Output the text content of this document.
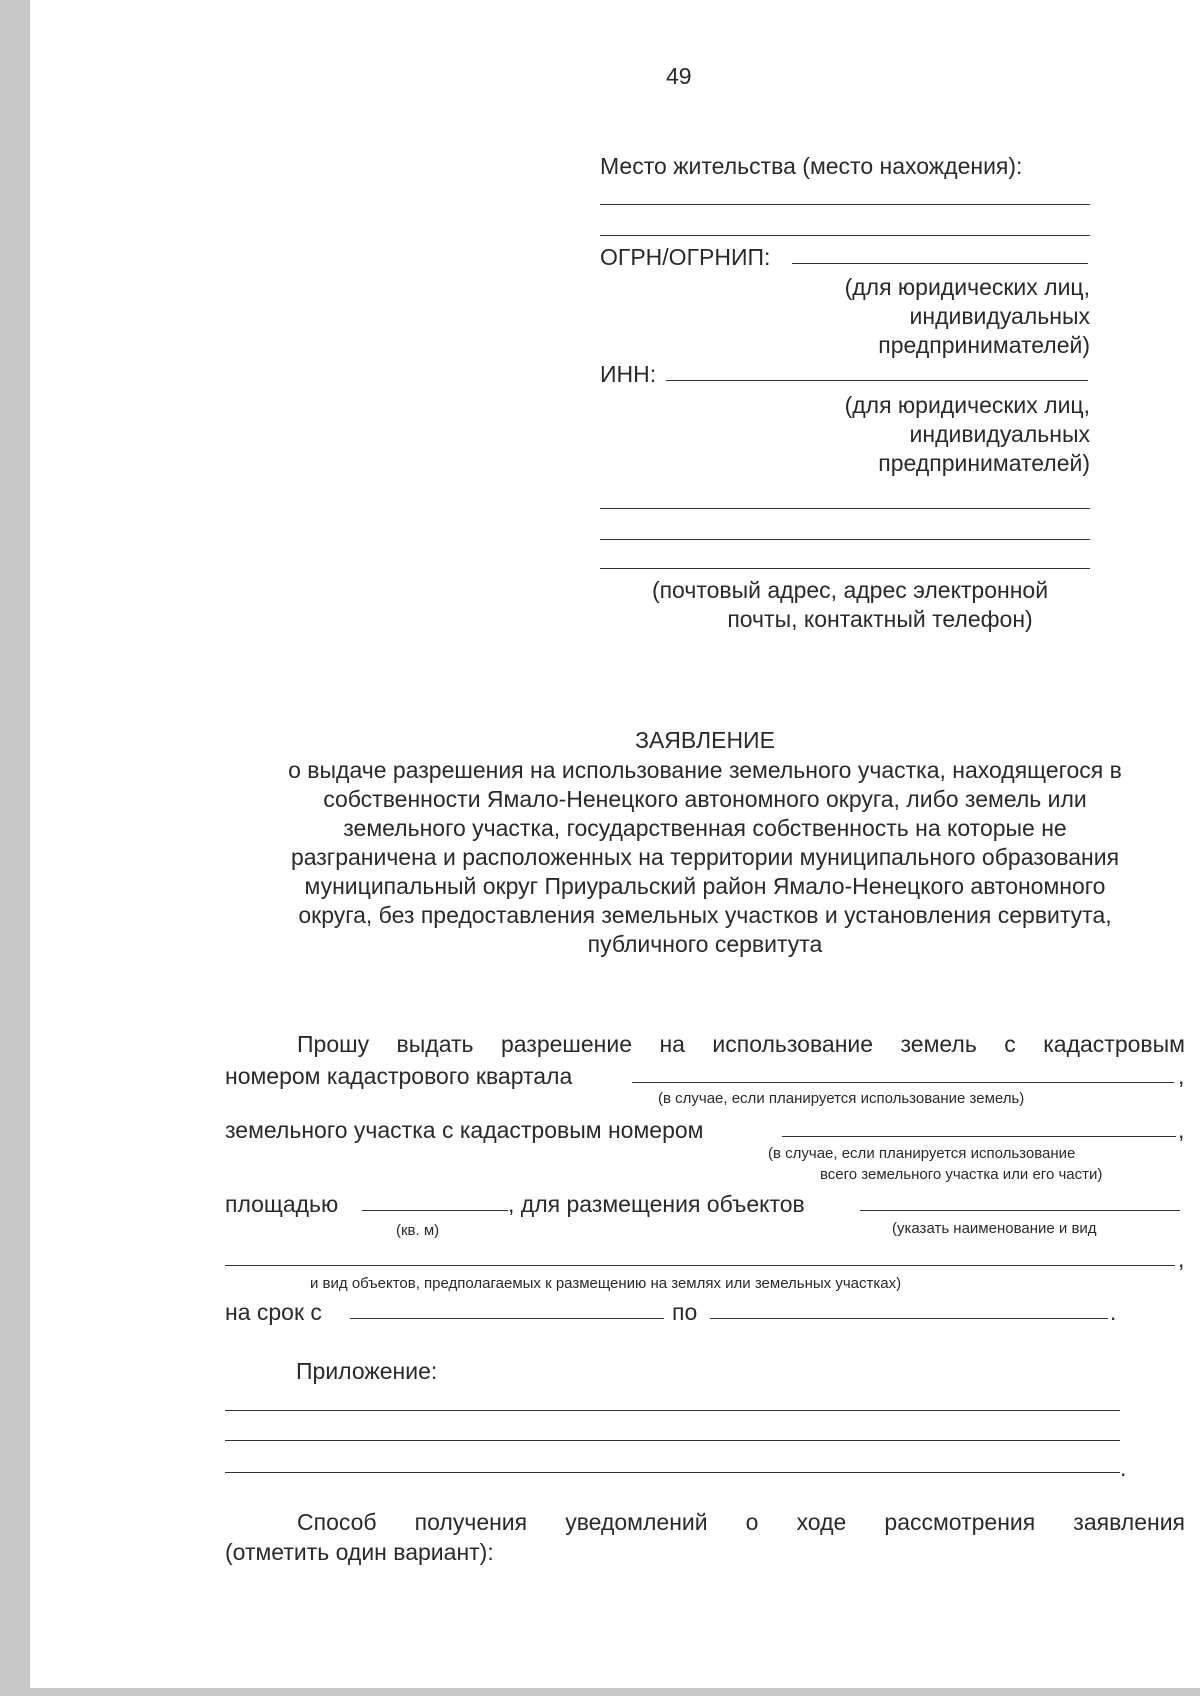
49
Место жительства (место нахождения):
ОГРН/ОГРНИП:
(для юридических лиц,
индивидуальных
предпринимателей)
ИНН:
(для юридических лиц,
индивидуальных
предпринимателей)
(почтовый адрес, адрес электронной
почты, контактный телефон)
ЗАЯВЛЕНИЕ
о выдаче разрешения на использование земельного участка, находящегося в
собственности Ямало-Ненецкого автономного округа, либо земель или
земельного участка, государственная собственность на которые не
разграничена и расположенных на территории муниципального образования
муниципальный округ Приуральский район Ямало-Ненецкого автономного
округа, без предоставления земельных участков и установления сервитута,
публичного сервитута
Прошу выдать разрешение на использование земель с кадастровым
номером кадастрового квартала	,
(в случае, если планируется использование земель)
земельного участка с кадастровым номером	,
(в случае, если планируется использование
всего земельного участка или его части)
площадью	, для размещения объектов
(кв. м)	(указать наименование и вид
,
и вид объектов, предполагаемых к размещению на землях или земельных участках)
на срок с	по	.
Приложение:
.
Способ получения уведомлений о ходе рассмотрения заявления
(отметить один вариант):
